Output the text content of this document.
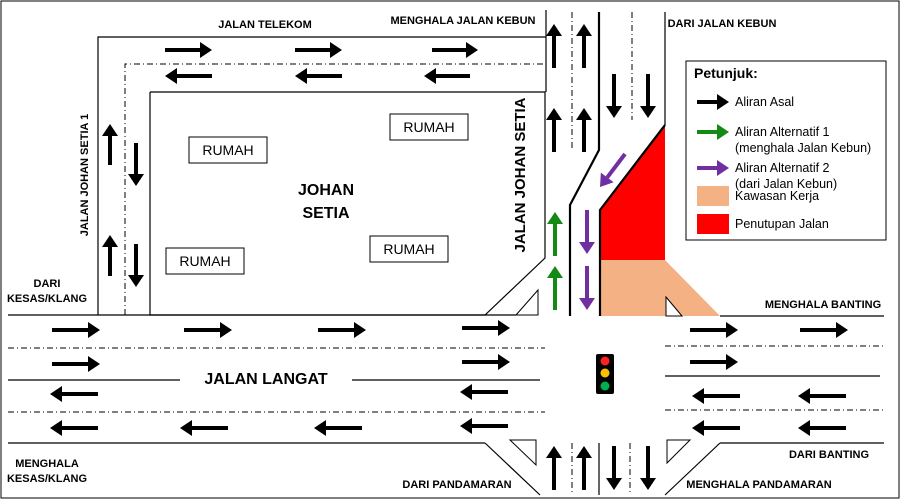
RUMAH
RUMAH
RUMAH
RUMAH
JOHAN
SETIA
JALAN TELEKOM
JALAN JOHAN SETIA 1	JALAN JOHAN SETIA
JALAN LANGAT
MENGHALA JALAN KEBUN	DARI JALAN KEBUN
DARI
KESAS/KLANG	MENGHALA BANTING
DARI BANTING
MENGHALA
KESAS/KLANG	DARI PANDAMARAN	MENGHALA PANDAMARAN
Petunjuk:
Aliran Asal
Aliran Alternatif 1
(menghala Jalan Kebun)
Aliran Alternatif 2
(dari Jalan Kebun)
Kawasan Kerja
Penutupan Jalan
